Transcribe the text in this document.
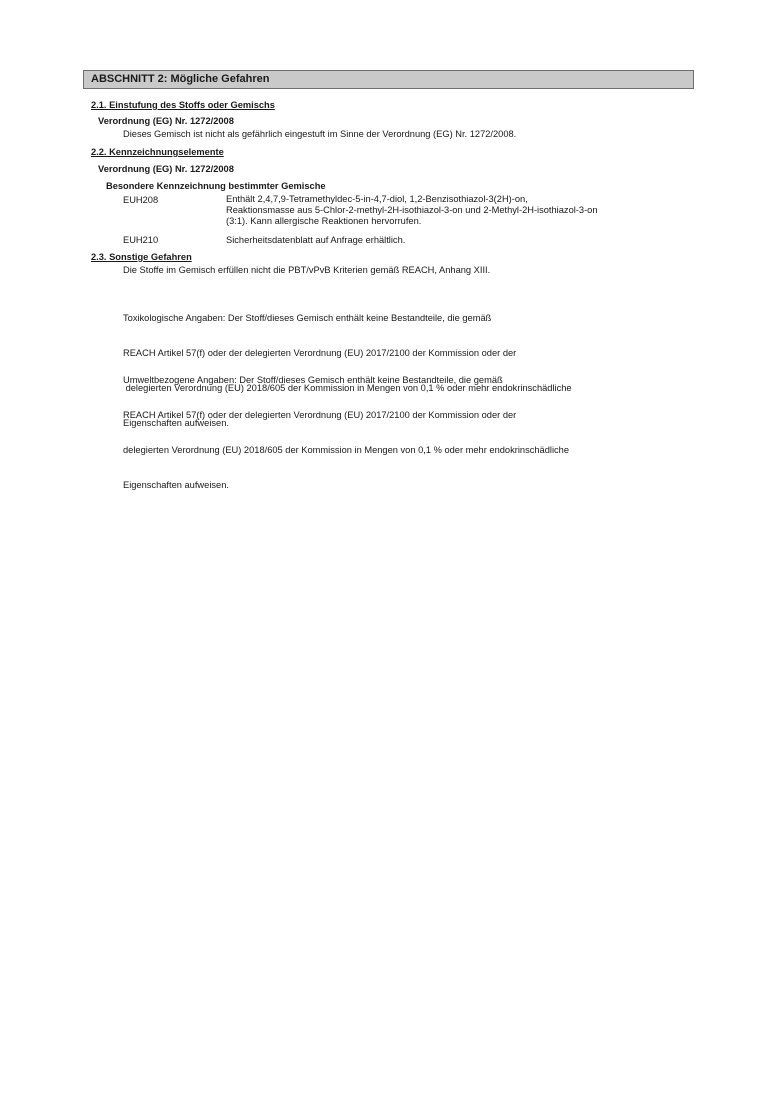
ABSCHNITT 2: Mögliche Gefahren
2.1. Einstufung des Stoffs oder Gemischs
Verordnung (EG) Nr. 1272/2008
Dieses Gemisch ist nicht als gefährlich eingestuft im Sinne der Verordnung (EG) Nr. 1272/2008.
2.2. Kennzeichnungselemente
Verordnung (EG) Nr. 1272/2008
Besondere Kennzeichnung bestimmter Gemische
EUH208	Enthält 2,4,7,9-Tetramethyldec-5-in-4,7-diol, 1,2-Benzisothiazol-3(2H)-on,
Reaktionsmasse aus 5-Chlor-2-methyl-2H-isothiazol-3-on und 2-Methyl-2H-isothiazol-3-on
(3:1). Kann allergische Reaktionen hervorrufen.
EUH210	Sicherheitsdatenblatt auf Anfrage erhältlich.
2.3. Sonstige Gefahren
Die Stoffe im Gemisch erfüllen nicht die PBT/vPvB Kriterien gemäß REACH, Anhang XIII.

Toxikologische Angaben: Der Stoff/dieses Gemisch enthält keine Bestandteile, die gemäß

REACH Artikel 57(f) oder der delegierten Verordnung (EU) 2017/2100 der Kommission oder der

delegierten Verordnung (EU) 2018/605 der Kommission in Mengen von 0,1 % oder mehr endokrinschädliche

Eigenschaften aufweisen.

Umweltbezogene Angaben: Der Stoff/dieses Gemisch enthält keine Bestandteile, die gemäß

REACH Artikel 57(f) oder der delegierten Verordnung (EU) 2017/2100 der Kommission oder der

delegierten Verordnung (EU) 2018/605 der Kommission in Mengen von 0,1 % oder mehr endokrinschädliche

Eigenschaften aufweisen.
